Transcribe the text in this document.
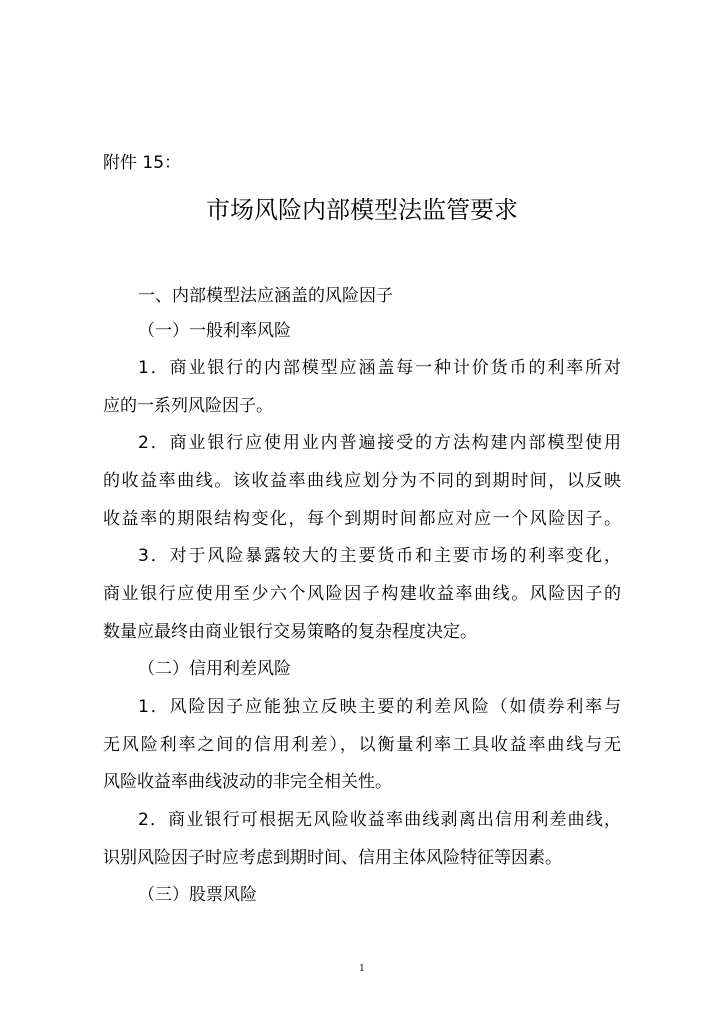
附件 15：
市场风险内部模型法监管要求
一、内部模型法应涵盖的风险因子
（一）一般利率风险
1．商业银行的内部模型应涵盖每一种计价货币的利率所对
应的一系列风险因子。
2．商业银行应使用业内普遍接受的方法构建内部模型使用
的收益率曲线。该收益率曲线应划分为不同的到期时间，以反映
收益率的期限结构变化，每个到期时间都应对应一个风险因子。
3．对于风险暴露较大的主要货币和主要市场的利率变化，
商业银行应使用至少六个风险因子构建收益率曲线。风险因子的
数量应最终由商业银行交易策略的复杂程度决定。
（二）信用利差风险
1．风险因子应能独立反映主要的利差风险（如债券利率与
无风险利率之间的信用利差），以衡量利率工具收益率曲线与无
风险收益率曲线波动的非完全相关性。
2．商业银行可根据无风险收益率曲线剥离出信用利差曲线，
识别风险因子时应考虑到期时间、信用主体风险特征等因素。
（三）股票风险
1
